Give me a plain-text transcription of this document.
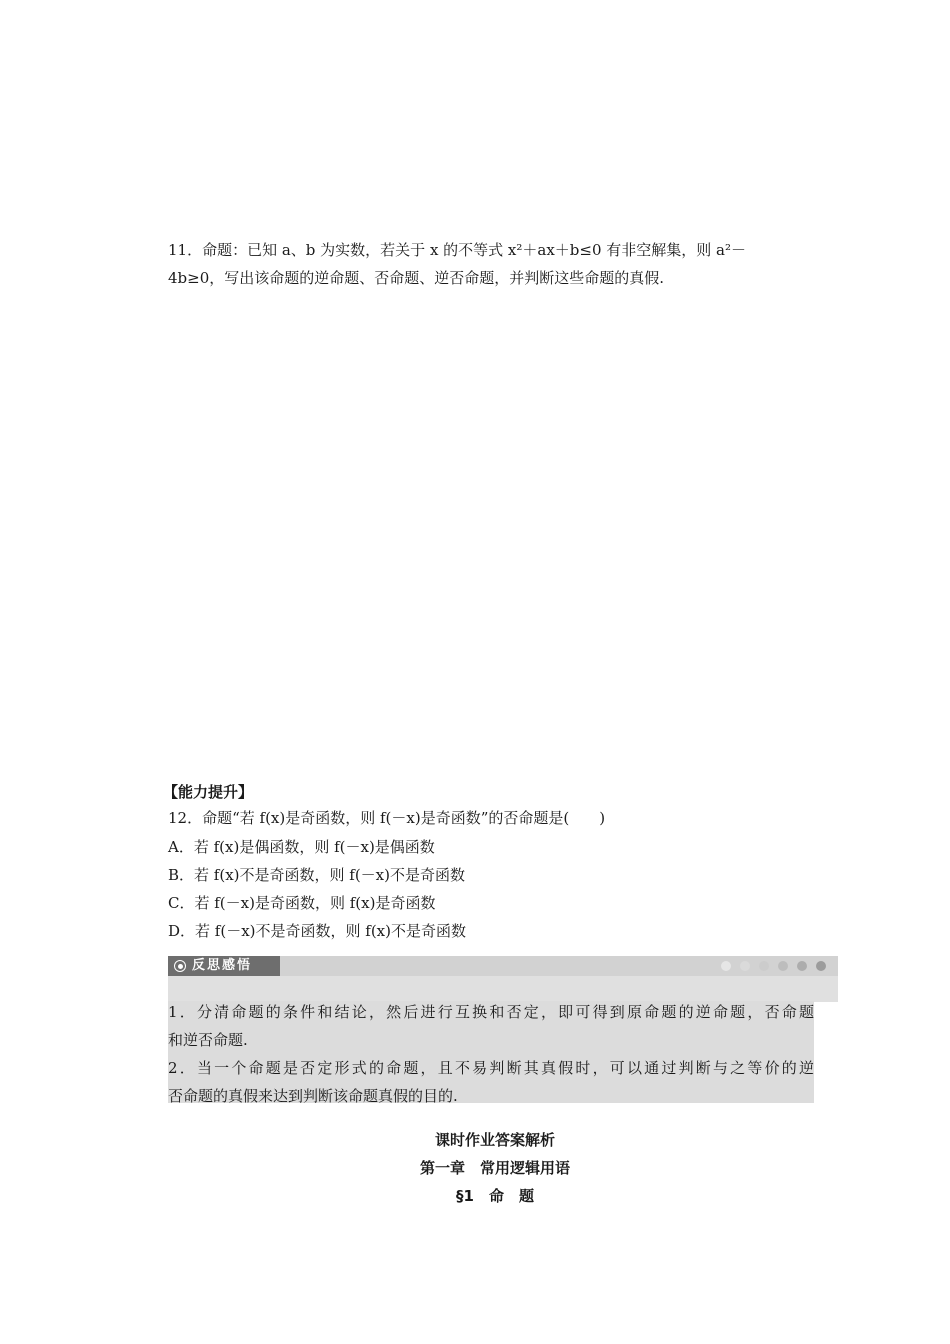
11．命题：已知 a、b 为实数，若关于 x 的不等式 x²＋ax＋b≤0 有非空解集，则 a²－
4b≥0，写出该命题的逆命题、否命题、逆否命题，并判断这些命题的真假.
【能力提升】
12．命题“若 f(x)是奇函数，则 f(－x)是奇函数”的否命题是(　　)
A．若 f(x)是偶函数，则 f(－x)是偶函数
B．若 f(x)不是奇函数，则 f(－x)不是奇函数
C．若 f(－x)是奇函数，则 f(x)是奇函数
D．若 f(－x)不是奇函数，则 f(x)不是奇函数
反思感悟
1．分清命题的条件和结论，然后进行互换和否定，即可得到原命题的逆命题，否命题
和逆否命题.
2．当一个命题是否定形式的命题，且不易判断其真假时，可以通过判断与之等价的逆
否命题的真假来达到判断该命题真假的目的.
课时作业答案解析
第一章　常用逻辑用语
§1　命　题
